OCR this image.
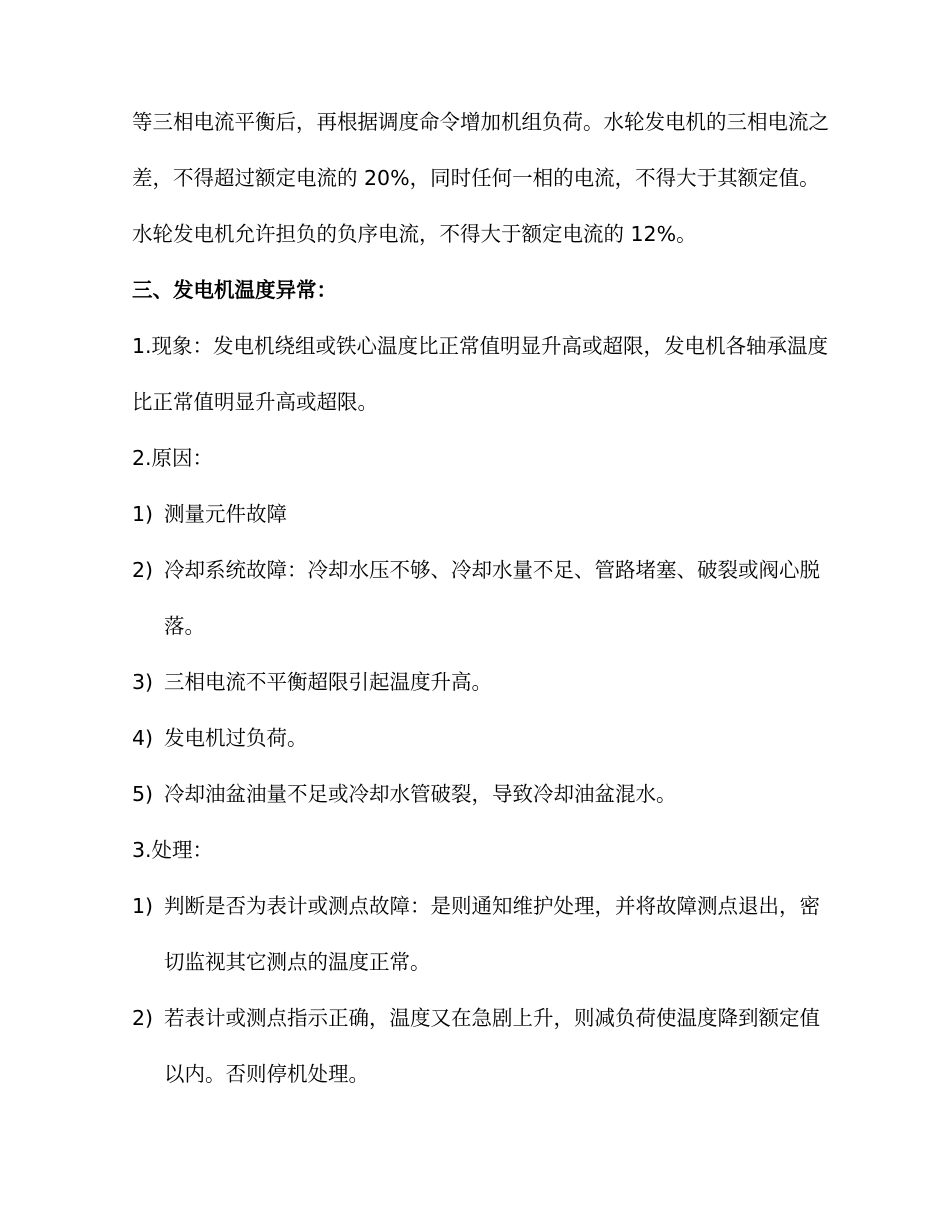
等三相电流平衡后，再根据调度命令增加机组负荷。水轮发电机的三相电流之
差，不得超过额定电流的 20%，同时任何一相的电流，不得大于其额定值。
水轮发电机允许担负的负序电流，不得大于额定电流的 12%。
三、发电机温度异常：
1.现象：发电机绕组或铁心温度比正常值明显升高或超限，发电机各轴承温度
比正常值明显升高或超限。
2.原因：
1) 测量元件故障
2) 冷却系统故障：冷却水压不够、冷却水量不足、管路堵塞、破裂或阀心脱
落。
3) 三相电流不平衡超限引起温度升高。
4) 发电机过负荷。
5) 冷却油盆油量不足或冷却水管破裂，导致冷却油盆混水。
3.处理：
1) 判断是否为表计或测点故障：是则通知维护处理，并将故障测点退出，密
切监视其它测点的温度正常。
2) 若表计或测点指示正确，温度又在急剧上升，则减负荷使温度降到额定值
以内。否则停机处理。
